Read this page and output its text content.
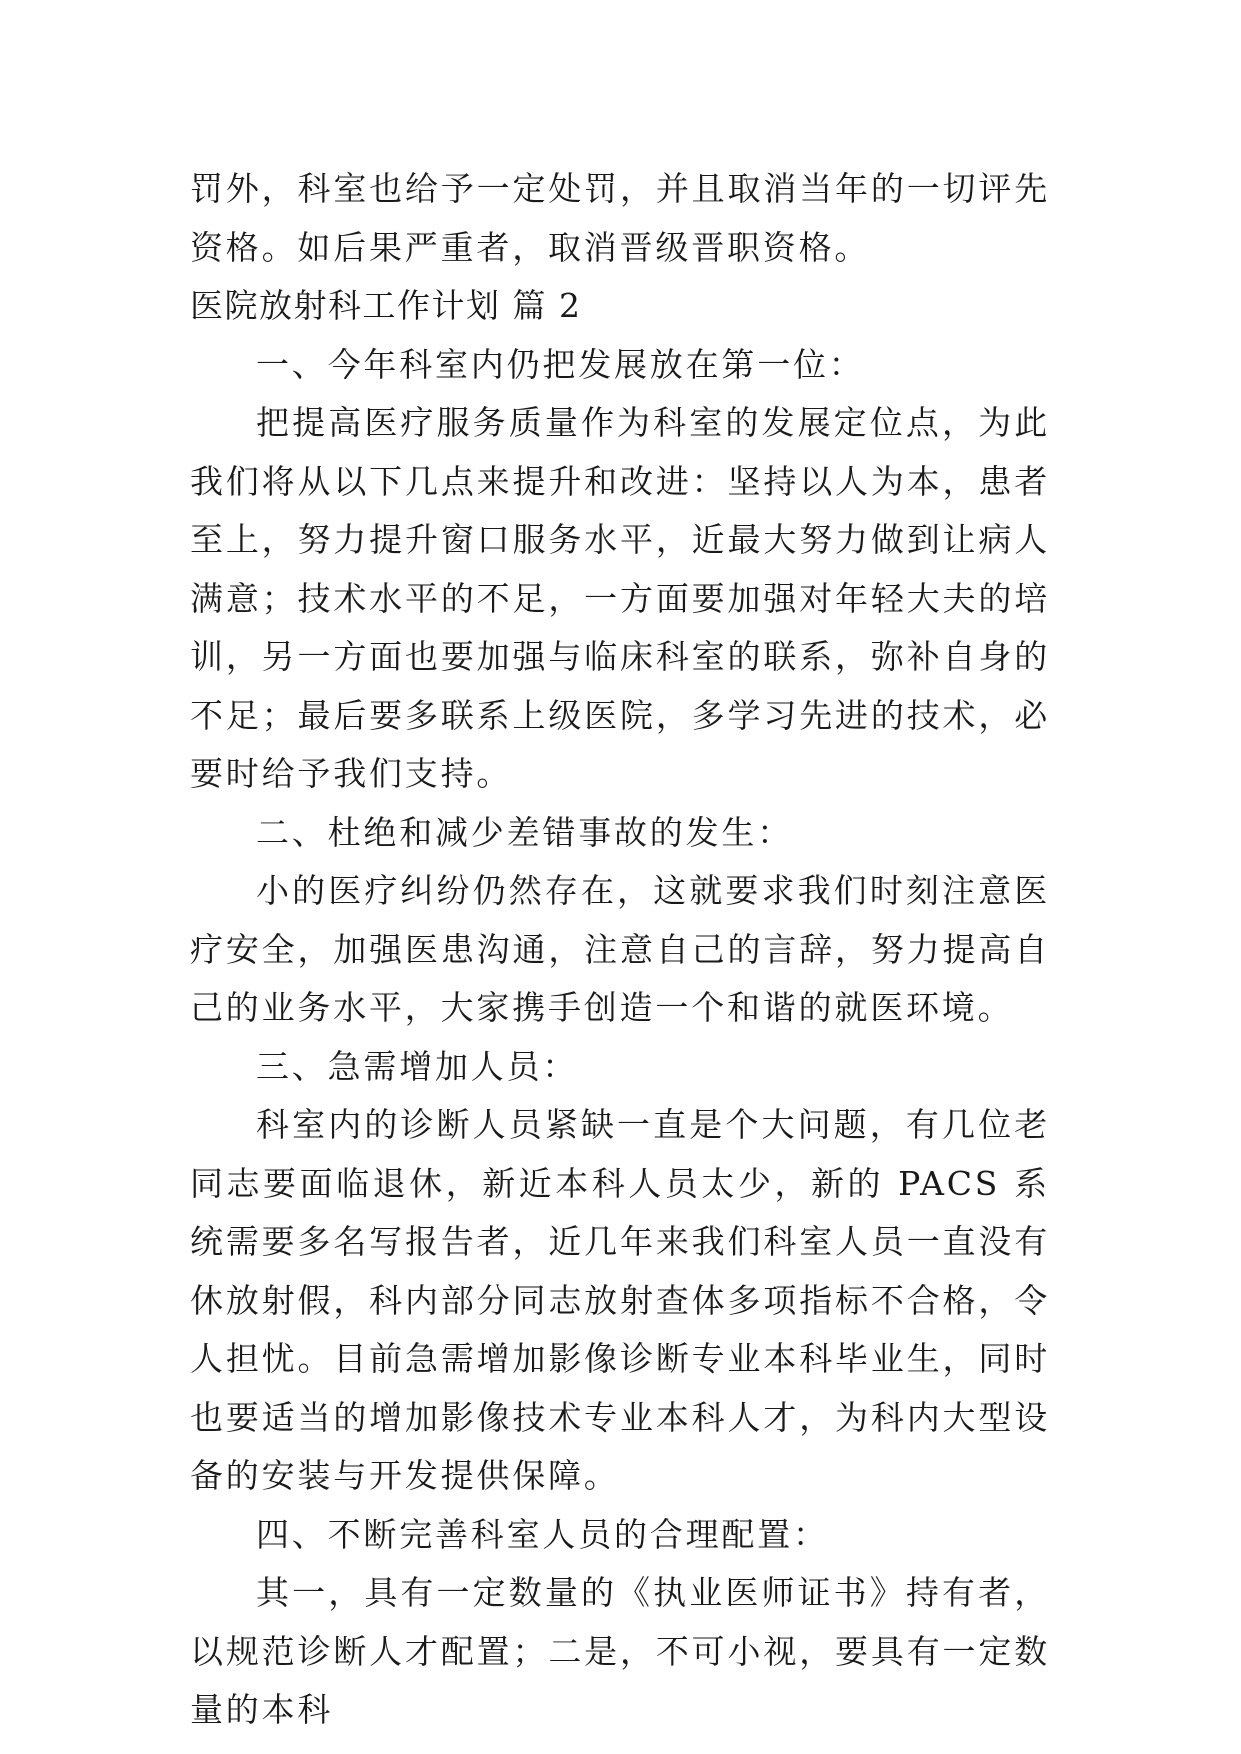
罚外，科室也给予一定处罚，并且取消当年的一切评先资格。如后果严重者，取消晋级晋职资格。

医院放射科工作计划 篇 2

一、今年科室内仍把发展放在第一位：

把提高医疗服务质量作为科室的发展定位点，为此我们将从以下几点来提升和改进：坚持以人为本，患者至上，努力提升窗口服务水平，近最大努力做到让病人满意；技术水平的不足，一方面要加强对年轻大夫的培训，另一方面也要加强与临床科室的联系，弥补自身的不足；最后要多联系上级医院，多学习先进的技术，必要时给予我们支持。

二、杜绝和减少差错事故的发生：

小的医疗纠纷仍然存在，这就要求我们时刻注意医疗安全，加强医患沟通，注意自己的言辞，努力提高自己的业务水平，大家携手创造一个和谐的就医环境。

三、急需增加人员：

科室内的诊断人员紧缺一直是个大问题，有几位老同志要面临退休，新近本科人员太少，新的 PACS 系统需要多名写报告者，近几年来我们科室人员一直没有休放射假，科内部分同志放射查体多项指标不合格，令人担忧。目前急需增加影像诊断专业本科毕业生，同时也要适当的增加影像技术专业本科人才，为科内大型设备的安装与开发提供保障。

四、不断完善科室人员的合理配置：

其一，具有一定数量的《执业医师证书》持有者，以规范诊断人才配置；二是，不可小视，要具有一定数量的本科
